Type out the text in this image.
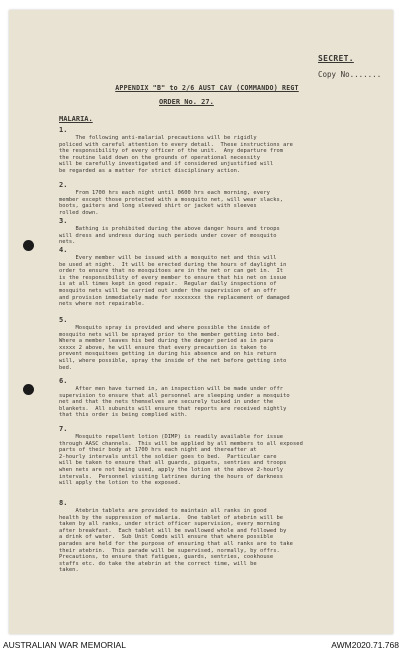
SECRET.
Copy No.......
APPENDIX "B" to 2/6 AUST CAV (COMMANDO) REGT
ORDER No. 27.
MALARIA.
1.
The following anti-malarial precautions will be rigidly
policed with careful attention to every detail.  These instructions are
the responsibility of every officer of the unit.  Any departure from
the routine laid down on the grounds of operational necessity
will be carefully investigated and if considered unjustified will
be regarded as a matter for strict disciplinary action.
2.
From 1700 hrs each night until 0600 hrs each morning, every
member except those protected with a mosquito net, will wear slacks,
boots, gaiters and long sleeved shirt or jacket with sleeves
rolled down.
3.
Bathing is prohibited during the above danger hours and troops
will dress and undress during such periods under cover of mosquito
nets.
4.
Every member will be issued with a mosquito net and this will
be used at night.  It will be erected during the hours of daylight in
order to ensure that no mosquitoes are in the net or can get in.  It
is the responsibility of every member to ensure that his net on issue
is at all times kept in good repair.  Regular daily inspections of
mosquito nets will be carried out under the supervision of an offr
and provision immediately made for xxxxxxxx the replacement of damaged
nets where not repairable.
5.
Mosquito spray is provided and where possible the inside of
mosquito nets will be sprayed prior to the member getting into bed.
Where a member leaves his bed during the danger period as in para
xxxxx 2 above, he will ensure that every precaution is taken to
prevent mosquitoes getting in during his absence and on his return
will, where possible, spray the inside of the net before getting into
bed.
6.
After men have turned in, an inspection will be made under offr
supervision to ensure that all personnel are sleeping under a mosquito
net and that the nets themselves are securely tucked in under the
blankets.  All subunits will ensure that reports are received nightly
that this order is being complied with.
7.
Mosquito repellent lotion (DIMP) is readily available for issue
through AASC channels.  This will be applied by all members to all exposed
parts of their body at 1700 hrs each night and thereafter at
2-hourly intervals until the soldier goes to bed.  Particular care
will be taken to ensure that all guards, piquets, sentries and troops
when nets are not being used, apply the lotion at the above 2-hourly
intervals.  Personnel visiting latrines during the hours of darkness
will apply the lotion to the exposed.
8.
Atebrin tablets are provided to maintain all ranks in good
health by the suppression of malaria.  One tablet of atebrin will be
taken by all ranks, under strict officer supervision, every morning
after breakfast.  Each tablet will be swallowed whole and followed by
a drink of water.  Sub Unit Comds will ensure that where possible
parades are held for the purpose of ensuring that all ranks are to take
their atebrin.  This parade will be supervised, normally, by offrs.
Precautions, to ensure that fatigues, guards, sentries, cookhouse
staffs etc. do take the atebrin at the correct time, will be
taken.
AUSTRALIAN WAR MEMORIAL	AWM2020.71.768
